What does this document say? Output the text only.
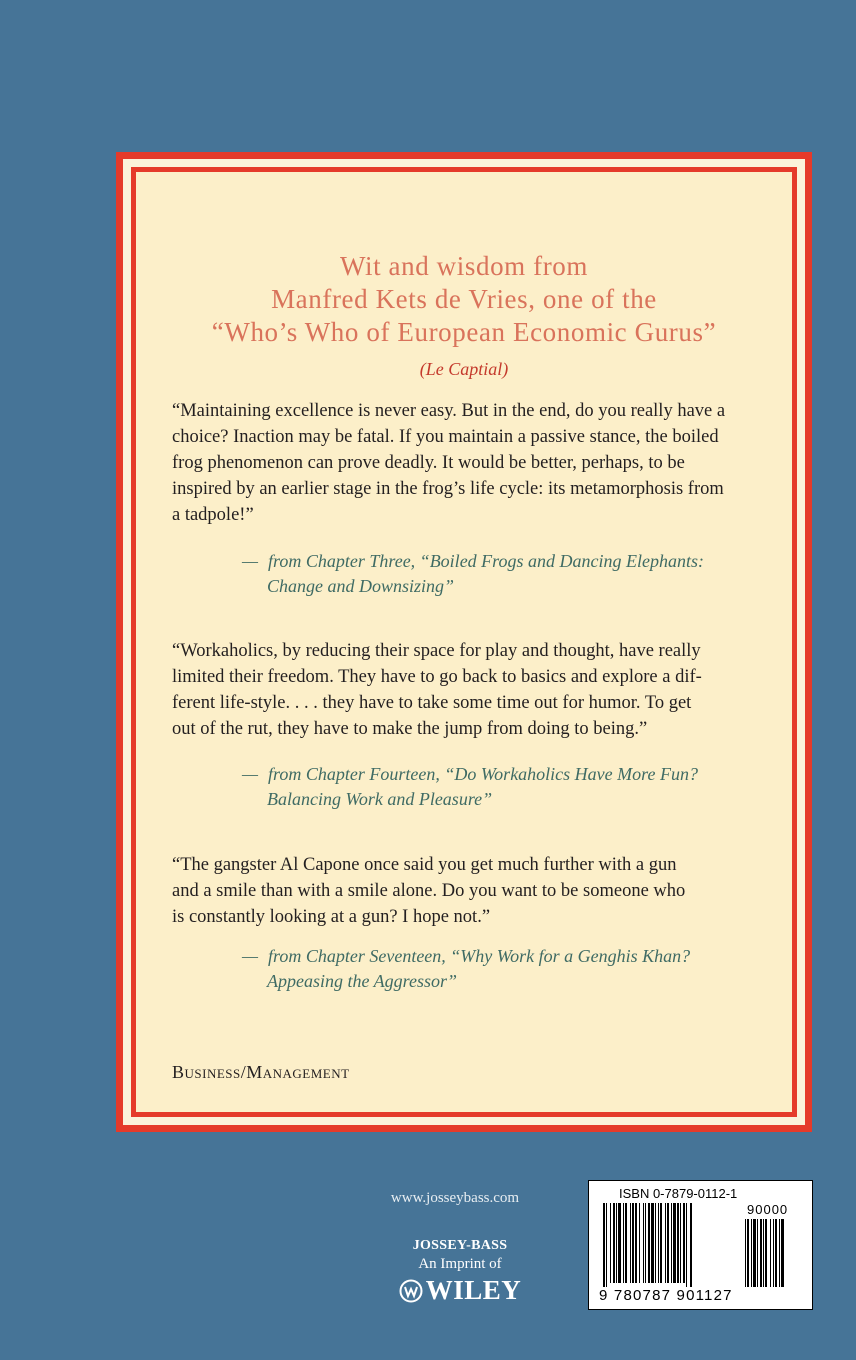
Wit and wisdom from
Manfred Kets de Vries, one of the
“Who’s Who of European Economic Gurus”
(Le Captial)
“Maintaining excellence is never easy. But in the end, do you really have a
choice? Inaction may be fatal. If you maintain a passive stance, the boiled
frog phenomenon can prove deadly. It would be better, perhaps, to be
inspired by an earlier stage in the frog’s life cycle: its metamorphosis from
a tadpole!”
— from Chapter Three, “Boiled Frogs and Dancing Elephants:
Change and Downsizing”
“Workaholics, by reducing their space for play and thought, have really
limited their freedom. They have to go back to basics and explore a dif-
ferent life-style. . . . they have to take some time out for humor. To get
out of the rut, they have to make the jump from doing to being.”
— from Chapter Fourteen, “Do Workaholics Have More Fun?
Balancing Work and Pleasure”
“The gangster Al Capone once said you get much further with a gun
and a smile than with a smile alone. Do you want to be someone who
is constantly looking at a gun? I hope not.”
— from Chapter Seventeen, “Why Work for a Genghis Khan?
Appeasing the Aggressor”
Business/Management
www.josseybass.com
JOSSEY-BASS
An Imprint of
WILEY
ISBN 0-7879-0112-1
90000
9 780787 901127
